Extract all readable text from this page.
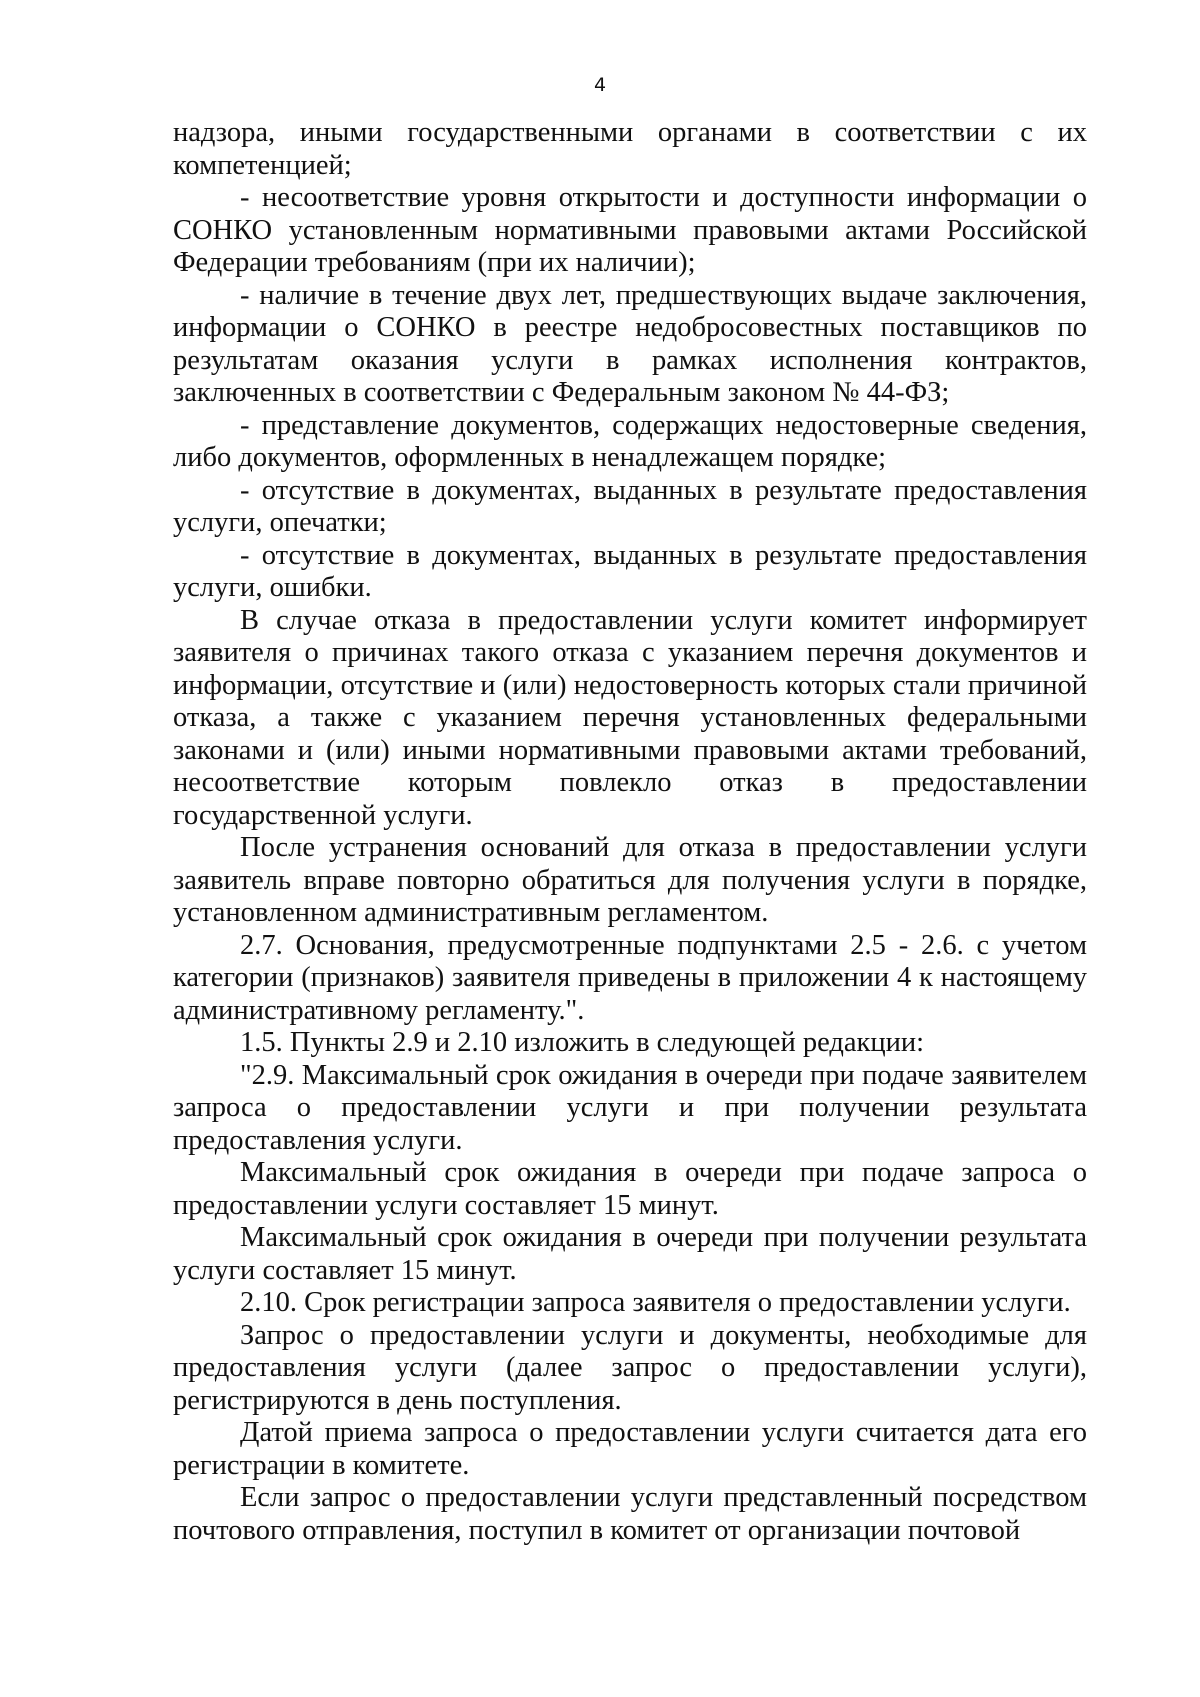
4

надзора, иными государственными органами в соответствии с их компетенцией;

- несоответствие уровня открытости и доступности информации о СОНКО установленным нормативными правовыми актами Российской Федерации требованиям (при их наличии);

- наличие в течение двух лет, предшествующих выдаче заключения, информации о СОНКО в реестре недобросовестных поставщиков по результатам оказания услуги в рамках исполнения контрактов, заключенных в соответствии с Федеральным законом № 44-ФЗ;

- представление документов, содержащих недостоверные сведения, либо документов, оформленных в ненадлежащем порядке;

- отсутствие в документах, выданных в результате предоставления услуги, опечатки;

- отсутствие в документах, выданных в результате предоставления услуги, ошибки.

В случае отказа в предоставлении услуги комитет информирует заявителя о причинах такого отказа с указанием перечня документов и информации, отсутствие и (или) недостоверность которых стали причиной отказа, а также с указанием перечня установленных федеральными законами и (или) иными нормативными правовыми актами требований, несоответствие которым повлекло отказ в предоставлении государственной услуги.

После устранения оснований для отказа в предоставлении услуги заявитель вправе повторно обратиться для получения услуги в порядке, установленном административным регламентом.

2.7. Основания, предусмотренные подпунктами 2.5 - 2.6. с учетом категории (признаков) заявителя приведены в приложении 4 к настоящему административному регламенту.".

1.5. Пункты 2.9 и 2.10 изложить в следующей редакции:

"2.9. Максимальный срок ожидания в очереди при подаче заявителем запроса о предоставлении услуги и при получении результата предоставления услуги.

Максимальный срок ожидания в очереди при подаче запроса о предоставлении услуги составляет 15 минут.

Максимальный срок ожидания в очереди при получении результата услуги составляет 15 минут.

2.10. Срок регистрации запроса заявителя о предоставлении услуги.

Запрос о предоставлении услуги и документы, необходимые для предоставления услуги (далее запрос о предоставлении услуги), регистрируются в день поступления.

Датой приема запроса о предоставлении услуги считается дата его регистрации в комитете.

Если запрос о предоставлении услуги представленный посредством почтового отправления, поступил в комитет от организации почтовой
